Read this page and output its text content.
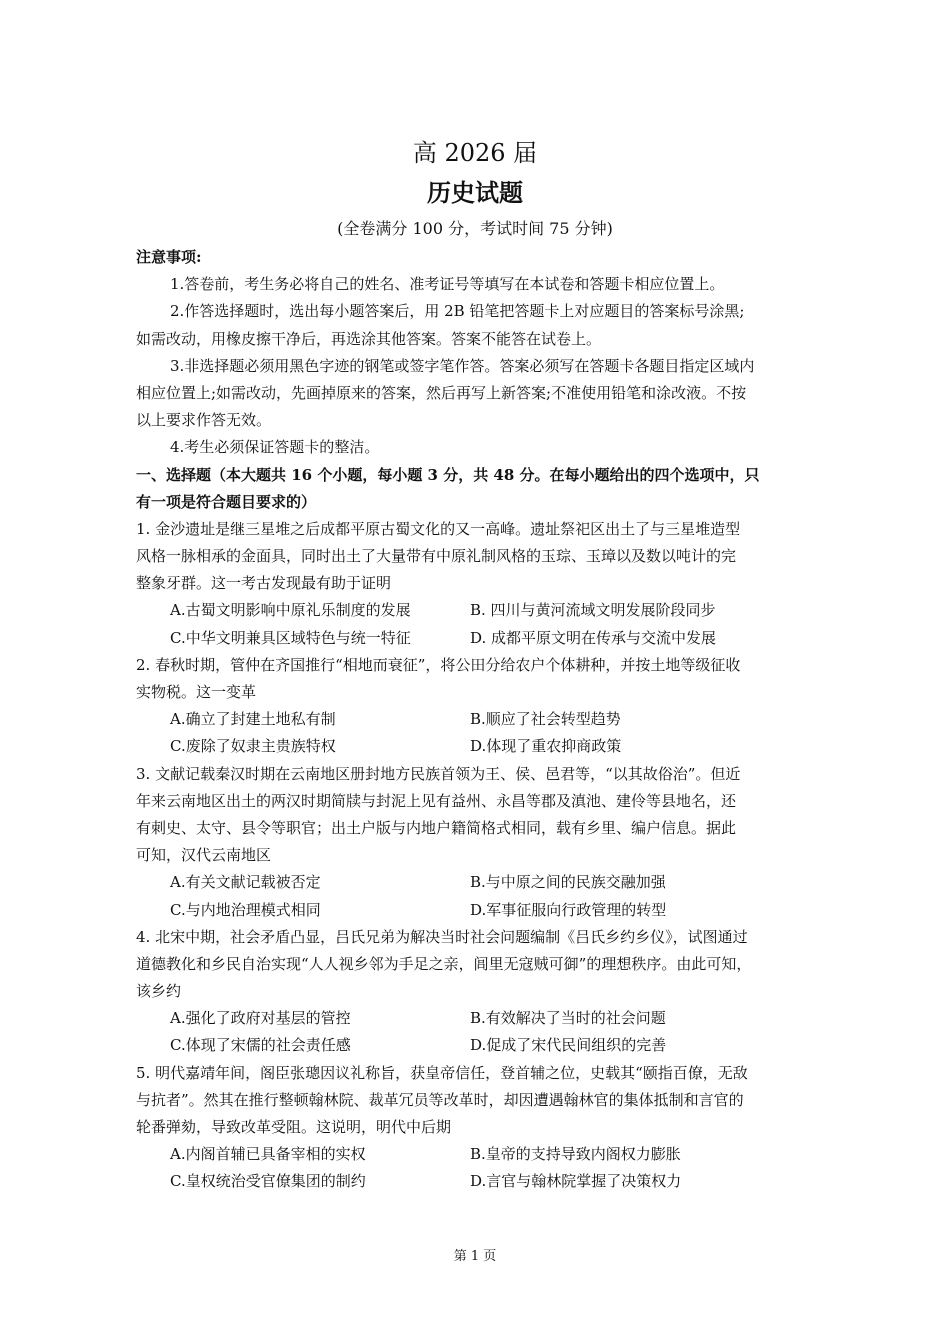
高 2026 届
历史试题
(全卷满分 100 分，考试时间 75 分钟)
注意事项:
1.答卷前，考生务必将自己的姓名、准考证号等填写在本试卷和答题卡相应位置上。
2.作答选择题时，选出每小题答案后，用 2B 铅笔把答题卡上对应题目的答案标号涂黑;
如需改动，用橡皮擦干净后，再选涂其他答案。答案不能答在试卷上。
3.非选择题必须用黑色字迹的钢笔或签字笔作答。答案必须写在答题卡各题目指定区域内
相应位置上;如需改动，先画掉原来的答案，然后再写上新答案;不准使用铅笔和涂改液。不按
以上要求作答无效。
4.考生必须保证答题卡的整洁。
一、选择题（本大题共 16 个小题，每小题 3 分，共 48 分。在每小题给出的四个选项中，只
有一项是符合题目要求的）
1. 金沙遗址是继三星堆之后成都平原古蜀文化的又一高峰。遗址祭祀区出土了与三星堆造型
风格一脉相承的金面具，同时出土了大量带有中原礼制风格的玉琮、玉璋以及数以吨计的完
整象牙群。这一考古发现最有助于证明
A.古蜀文明影响中原礼乐制度的发展	B. 四川与黄河流域文明发展阶段同步
C.中华文明兼具区域特色与统一特征	D. 成都平原文明在传承与交流中发展
2. 春秋时期，管仲在齐国推行“相地而衰征”，将公田分给农户个体耕种，并按土地等级征收
实物税。这一变革
A.确立了封建土地私有制	B.顺应了社会转型趋势
C.废除了奴隶主贵族特权	D.体现了重农抑商政策
3. 文献记载秦汉时期在云南地区册封地方民族首领为王、侯、邑君等，“以其故俗治”。但近
年来云南地区出土的两汉时期简牍与封泥上见有益州、永昌等郡及滇池、建伶等县地名，还
有刺史、太守、县令等职官；出土户版与内地户籍简格式相同，载有乡里、编户信息。据此
可知，汉代云南地区
A.有关文献记载被否定	B.与中原之间的民族交融加强
C.与内地治理模式相同	D.军事征服向行政管理的转型
4. 北宋中期，社会矛盾凸显，吕氏兄弟为解决当时社会问题编制《吕氏乡约乡仪》，试图通过
道德教化和乡民自治实现“人人视乡邻为手足之亲，闾里无寇贼可御”的理想秩序。由此可知，
该乡约
A.强化了政府对基层的管控	B.有效解决了当时的社会问题
C.体现了宋儒的社会责任感	D.促成了宋代民间组织的完善
5. 明代嘉靖年间，阁臣张璁因议礼称旨，获皇帝信任，登首辅之位，史载其“颐指百僚，无敌
与抗者”。然其在推行整顿翰林院、裁革冗员等改革时，却因遭遇翰林官的集体抵制和言官的
轮番弹劾，导致改革受阻。这说明，明代中后期
A.内阁首辅已具备宰相的实权	B.皇帝的支持导致内阁权力膨胀
C.皇权统治受官僚集团的制约	D.言官与翰林院掌握了决策权力
第 1 页
